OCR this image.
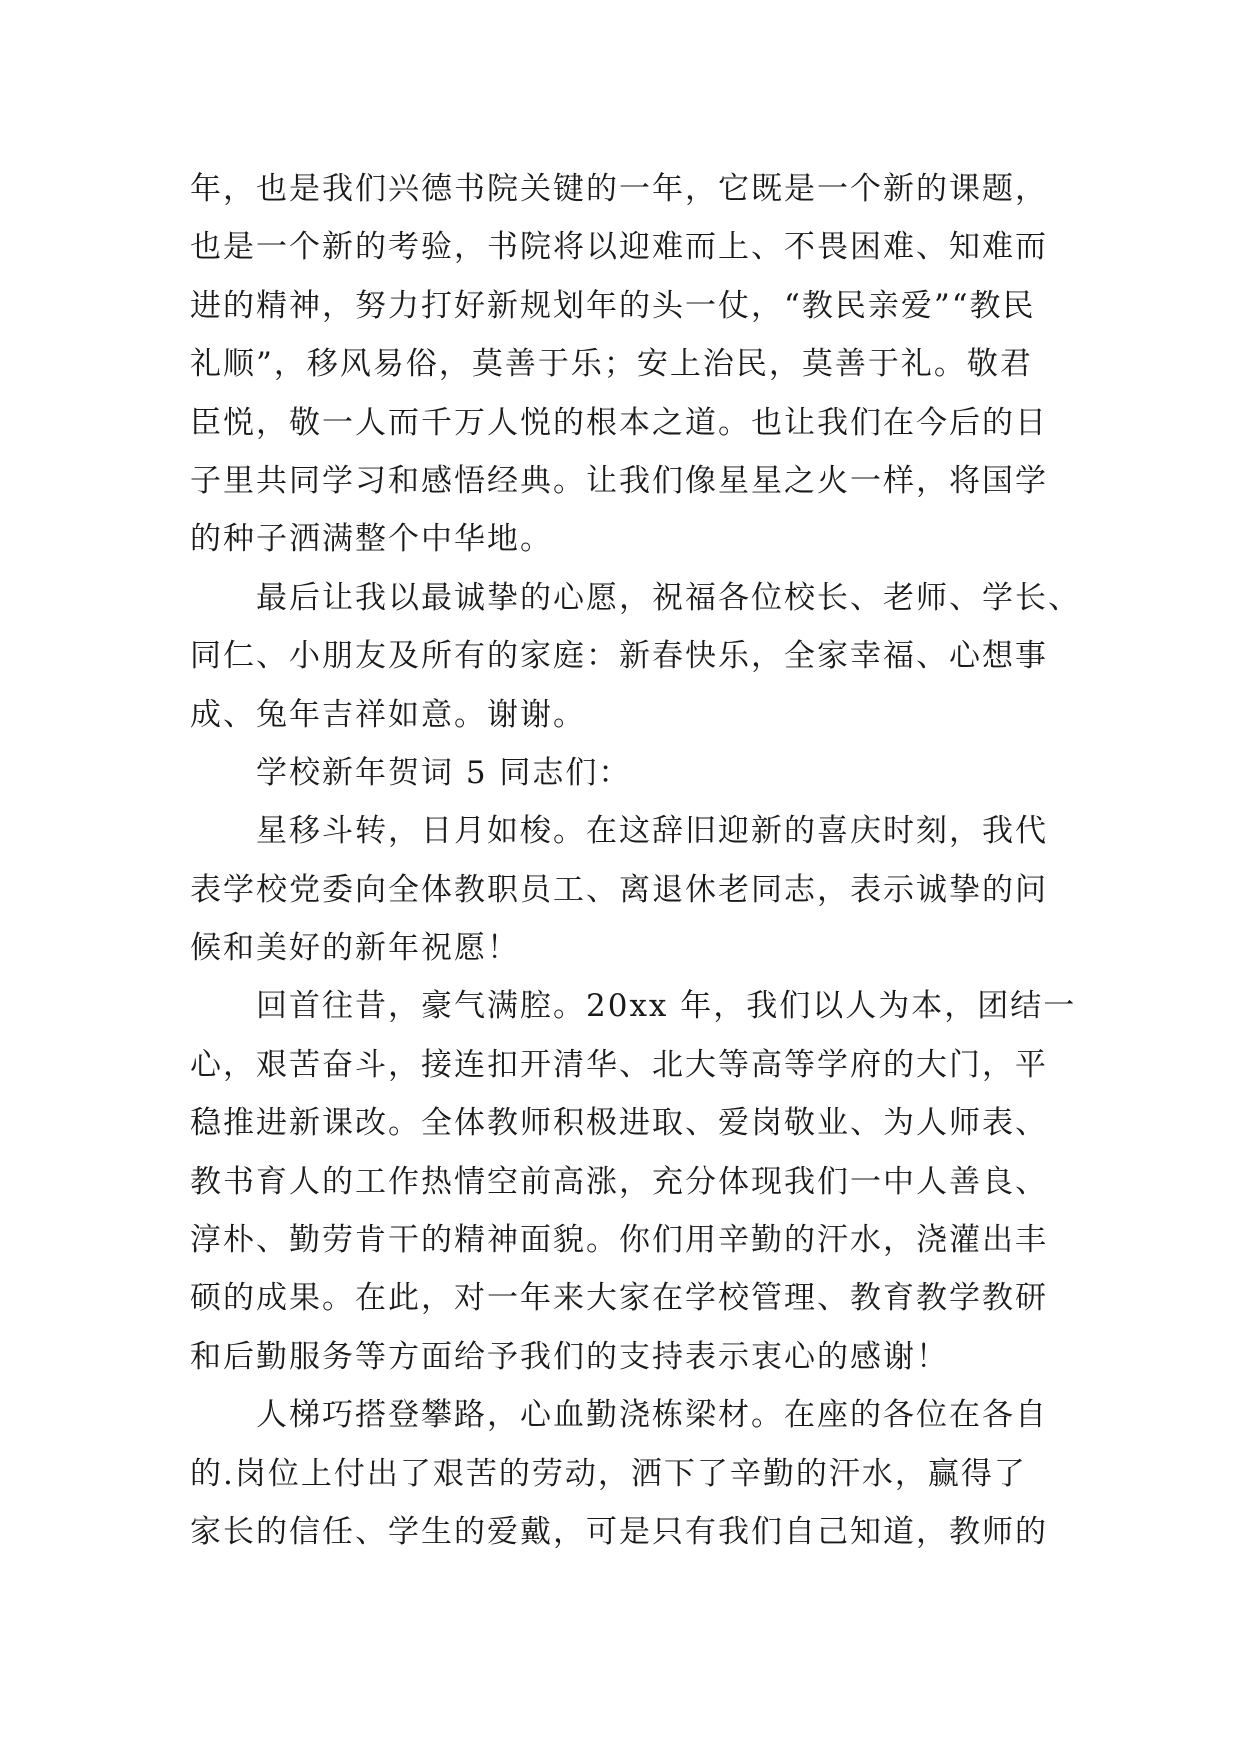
年，也是我们兴德书院关键的一年，它既是一个新的课题，
也是一个新的考验，书院将以迎难而上、不畏困难、知难而
进的精神，努力打好新规划年的头一仗，“教民亲爱”“教民
礼顺”，移风易俗，莫善于乐；安上治民，莫善于礼。敬君
臣悦，敬一人而千万人悦的根本之道。也让我们在今后的日
子里共同学习和感悟经典。让我们像星星之火一样，将国学
的种子洒满整个中华地。
最后让我以最诚挚的心愿，祝福各位校长、老师、学长、
同仁、小朋友及所有的家庭：新春快乐，全家幸福、心想事
成、兔年吉祥如意。谢谢。
学校新年贺词 5 同志们：
星移斗转，日月如梭。在这辞旧迎新的喜庆时刻，我代
表学校党委向全体教职员工、离退休老同志，表示诚挚的问
候和美好的新年祝愿！
回首往昔，豪气满腔。20xx 年，我们以人为本，团结一
心，艰苦奋斗，接连扣开清华、北大等高等学府的大门，平
稳推进新课改。全体教师积极进取、爱岗敬业、为人师表、
教书育人的工作热情空前高涨，充分体现我们一中人善良、
淳朴、勤劳肯干的精神面貌。你们用辛勤的汗水，浇灌出丰
硕的成果。在此，对一年来大家在学校管理、教育教学教研
和后勤服务等方面给予我们的支持表示衷心的感谢！
人梯巧搭登攀路，心血勤浇栋梁材。在座的各位在各自
的.岗位上付出了艰苦的劳动，洒下了辛勤的汗水，赢得了
家长的信任、学生的爱戴，可是只有我们自己知道，教师的
